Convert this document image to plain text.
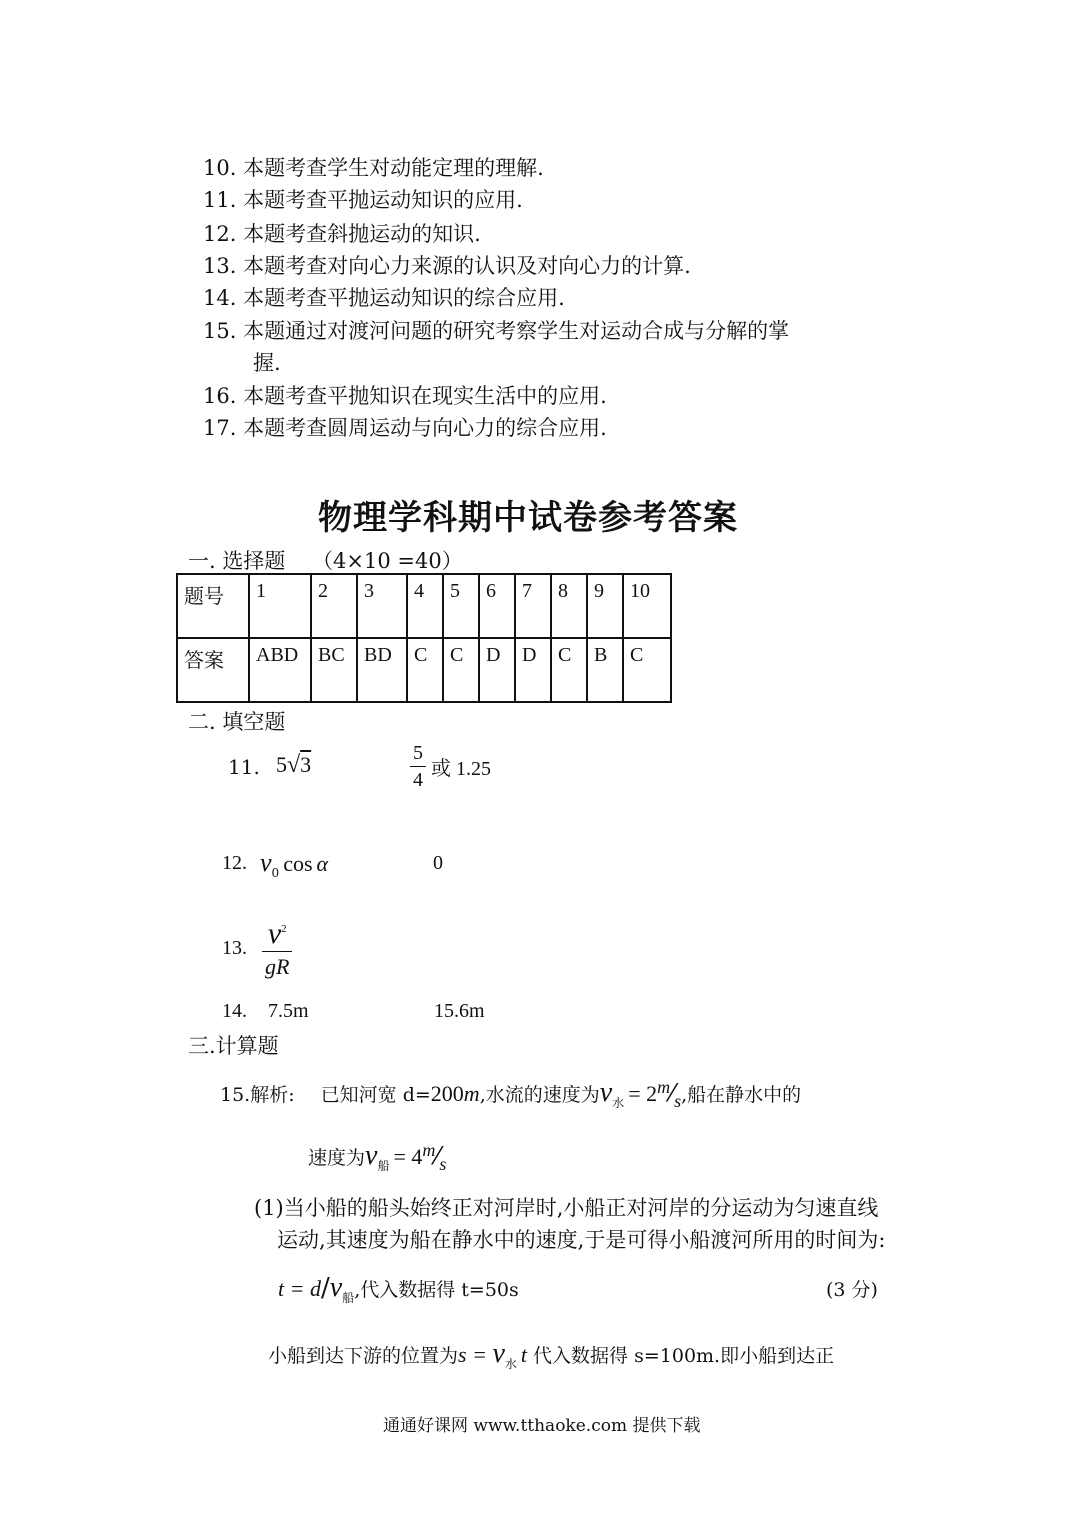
10. 本题考查学生对动能定理的理解.
11. 本题考查平抛运动知识的应用.
12. 本题考查斜抛运动的知识.
13. 本题考查对向心力来源的认识及对向心力的计算.
14. 本题考查平抛运动知识的综合应用.
15. 本题通过对渡河问题的研究考察学生对运动合成与分解的掌
握.
16. 本题考查平抛知识在现实生活中的应用.
17. 本题考查圆周运动与向心力的综合应用.
物理学科期中试卷参考答案
一. 选择题 （4×10 =40）
题号	1	2	3	4	5	6	7	8	9	10
答案	ABD	BC	BD	C	C	D	D	C	B	C
二. 填空题
11. 5√3	$\frac{5}{4}$ 或 1.25
12. $v_0$ cos α	0
13. $\frac{v^2}{gR}$
14. 7.5m	15.6m
三.计算题
15.解析: 已知河宽 d=200m,水流的速度为$v_水$ = 2m⁄s,船在静水中的
速度为$v_船$ = 4m⁄s
(1)当小船的船头始终正对河岸时,小船正对河岸的分运动为匀速直线
运动,其速度为船在静水中的速度,于是可得小船渡河所用的时间为:
$t = d/v_船$,代入数据得 t=50s	(3 分)
小船到达下游的位置为$s = v_水$ t 代入数据得 s=100m.即小船到达正
通通好课网 www.tthaoke.com 提供下载
